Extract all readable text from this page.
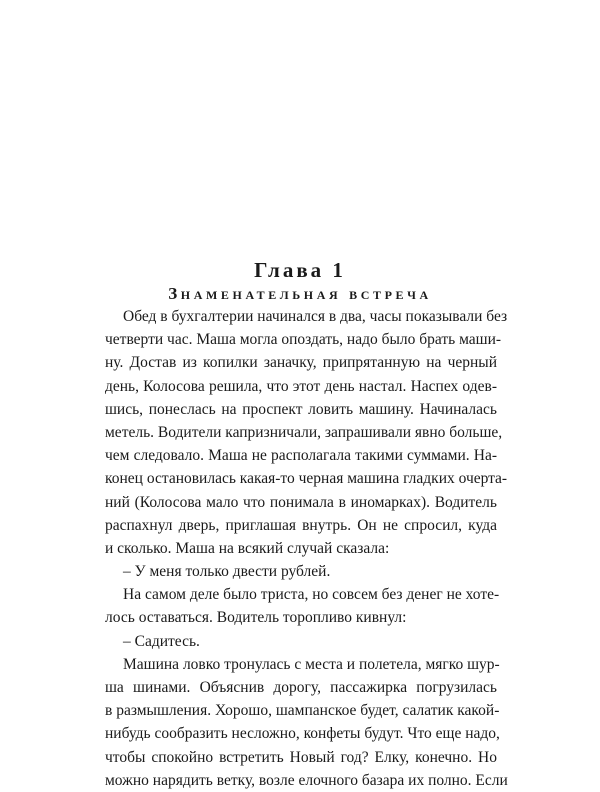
Глава 1
Знаменательная встреча
Обед в бухгалтерии начинался в два, часы показывали без
четверти час. Маша могла опоздать, надо было брать маши-
ну. Достав из копилки заначку, припрятанную на черный
день, Колосова решила, что этот день настал. Наспех одев-
шись, понеслась на проспект ловить машину. Начиналась
метель. Водители капризничали, запрашивали явно больше,
чем следовало. Маша не располагала такими суммами. На-
конец остановилась какая-то черная машина гладких очертa-
ний (Колосова мало что понимала в иномарках). Водитель
распахнул дверь, приглашая внутрь. Он не спросил, куда
и сколько. Маша на всякий случай сказала:
– У меня только двести рублей.
На самом деле было триста, но совсем без денег не хоте-
лось оставаться. Водитель торопливо кивнул:
– Садитесь.
Машина ловко тронулась с места и полетела, мягко шур-
ша шинами. Объяснив дорогу, пассажирка погрузилась
в размышления. Хорошо, шампанское будет, салатик какой-
нибудь сообразить несложно, конфеты будут. Что еще надо,
чтобы спокойно встретить Новый год? Елку, конечно. Но
можно нарядить ветку, возле елочного базара их полно. Если
